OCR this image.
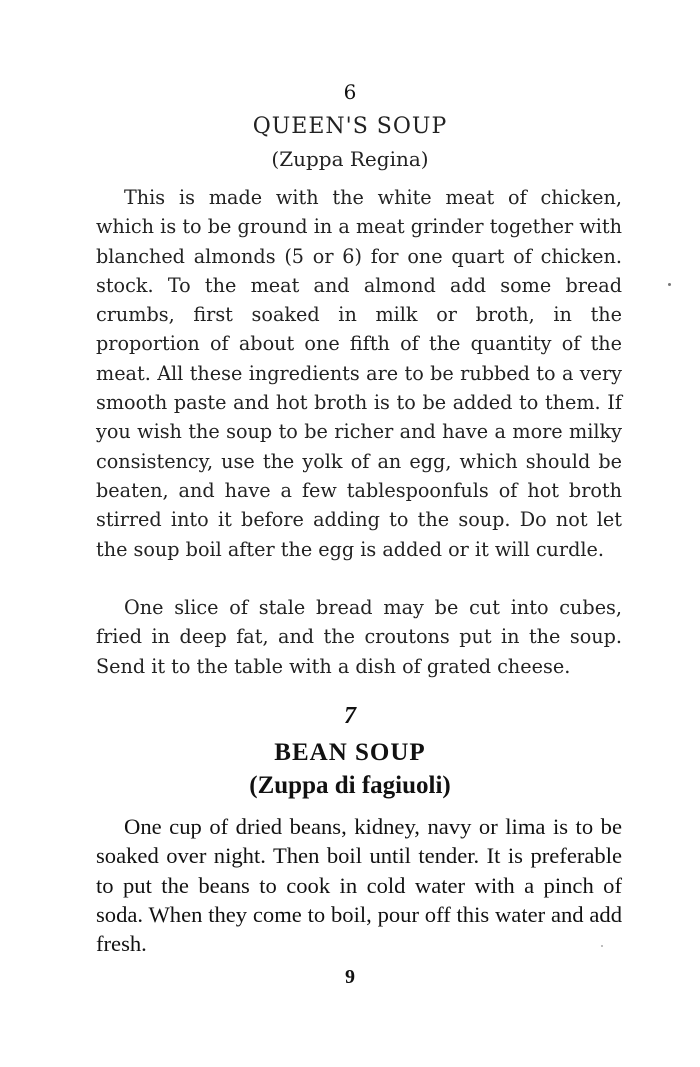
6
QUEEN'S SOUP
(Zuppa Regina)

This is made with the white meat of chicken, which is to be ground in a meat grinder together with blanched almonds (5 or 6) for one quart of chicken. stock. To the meat and almond add some bread crumbs, first soaked in milk or broth, in the proportion of about one fifth of the quantity of the meat. All these ingredients are to be rubbed to a very smooth paste and hot broth is to be added to them. If you wish the soup to be richer and have a more milky consistency, use the yolk of an egg, which should be beaten, and have a few tablespoonfuls of hot broth stirred into it before adding to the soup. Do not let the soup boil after the egg is added or it will curdle.

One slice of stale bread may be cut into cubes, fried in deep fat, and the croutons put in the soup. Send it to the table with a dish of grated cheese.

7
BEAN SOUP
(Zuppa di fagiuoli)

One cup of dried beans, kidney, navy or lima is to be soaked over night. Then boil until tender. It is preferable to put the beans to cook in cold water with a pinch of soda. When they come to boil, pour off this water and add fresh.

9
